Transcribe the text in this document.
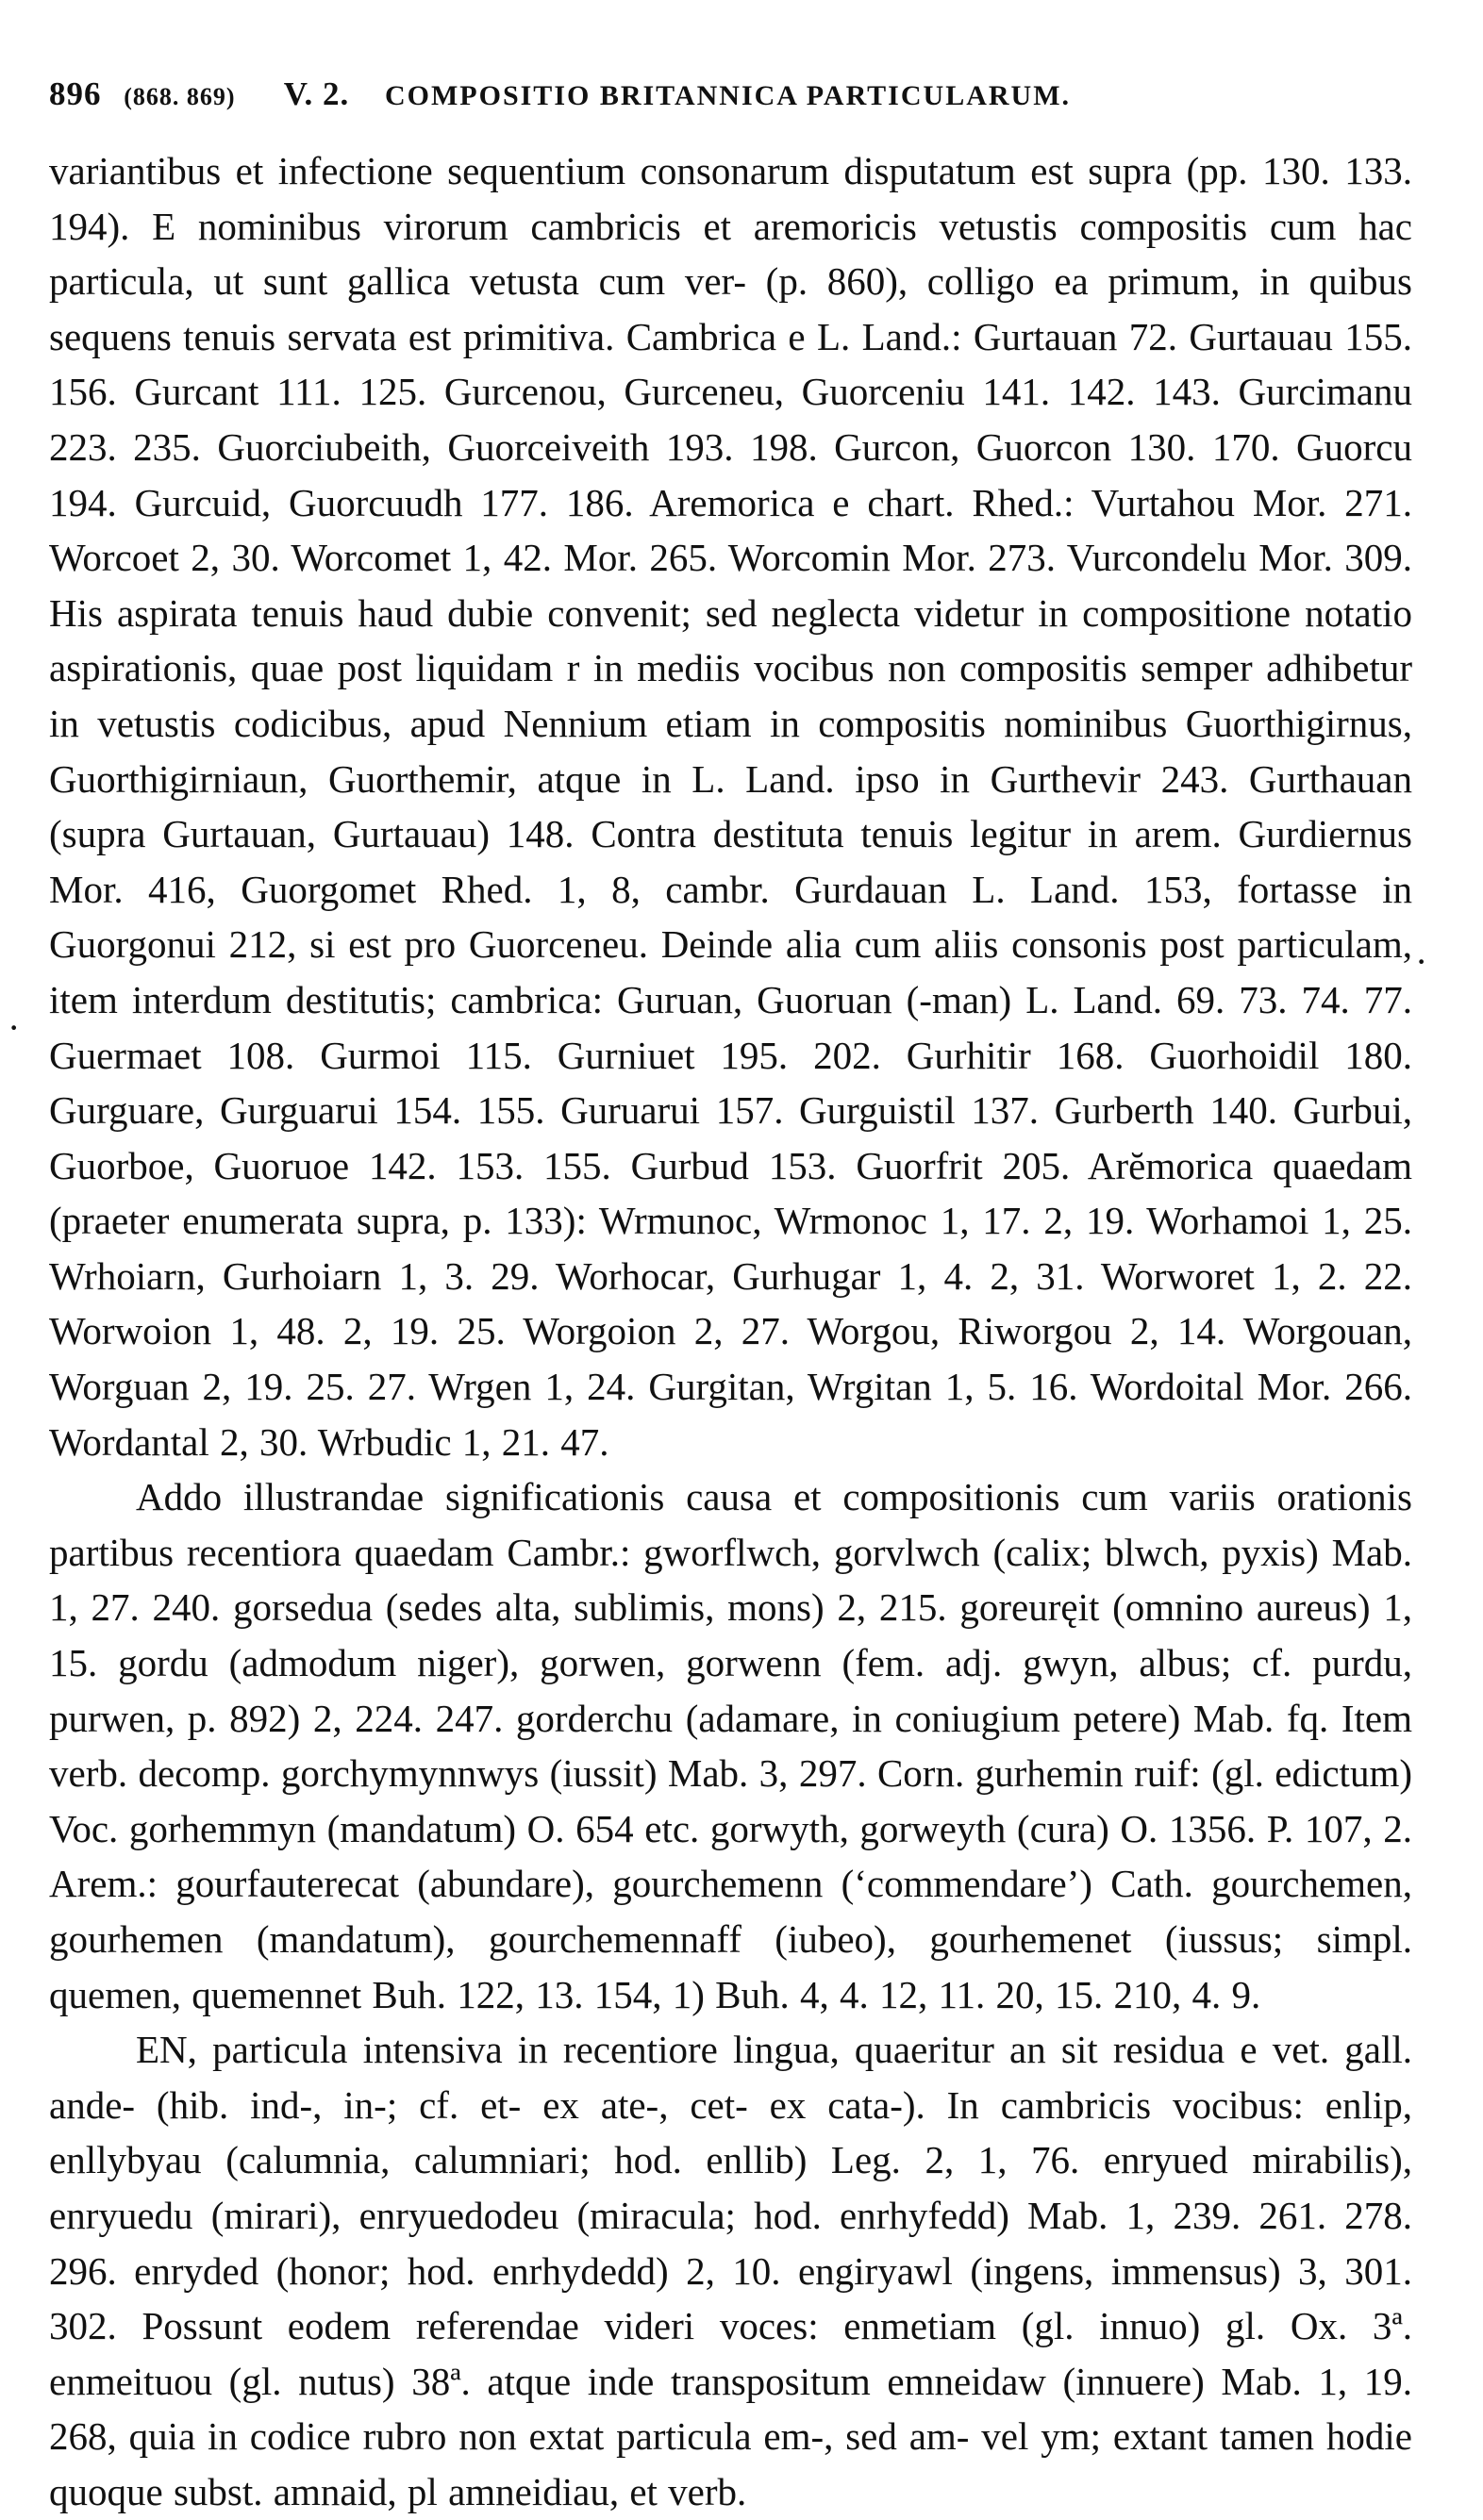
896 (868. 869) V. 2. COMPOSITIO BRITANNICA PARTICULARUM.

variantibus et infectione sequentium consonarum disputatum est supra (pp. 130. 133. 194). E nominibus virorum cambricis et aremoricis vetustis compositis cum hac particula, ut sunt gallica vetusta cum ver- (p. 860), colligo ea primum, in quibus sequens tenuis servata est primitiva. Cambrica e L. Land.: Gurtauan 72. Gurtauau 155. 156. Gurcant 111. 125. Gurcenou, Gurceneu, Guorceniu 141. 142. 143. Gurcimanu 223. 235. Guorciubeith, Guorceiveith 193. 198. Gurcon, Guorcon 130. 170. Guorcu 194. Gurcuid, Guorcuudh 177. 186. Aremorica e chart. Rhed.: Vurtahou Mor. 271. Worcoet 2, 30. Worcomet 1, 42. Mor. 265. Worcomin Mor. 273. Vurcondelu Mor. 309. His aspirata tenuis haud dubie convenit; sed neglecta videtur in compositione notatio aspirationis, quae post liquidam r in mediis vocibus non compositis semper adhibetur in vetustis codicibus, apud Nennium etiam in compositis nominibus Guorthigirnus, Guorthigirniaun, Guorthemir, atque in L. Land. ipso in Gurthevir 243. Gurthauan (supra Gurtauan, Gurtauau) 148. Contra destituta tenuis legitur in arem. Gurdiernus Mor. 416, Guorgomet Rhed. 1, 8, cambr. Gurdauan L. Land. 153, fortasse in Guorgonui 212, si est pro Guorceneu. Deinde alia cum aliis consonis post particulam, item interdum destitutis; cambrica: Guruan, Guoruan (-man) L. Land. 69. 73. 74. 77. Guermaet 108. Gurmoi 115. Gurniuet 195. 202. Gurhitir 168. Guorhoidil 180. Gurguare, Gurguarui 154. 155. Guruarui 157. Gurguistil 137. Gurberth 140. Gurbui, Guorboe, Guoruoe 142. 153. 155. Gurbud 153. Guorfrit 205. Arĕmorica quaedam (praeter enumerata supra, p. 133): Wrmunoc, Wrmonoc 1, 17. 2, 19. Worhamoi 1, 25. Wrhoiarn, Gurhoiarn 1, 3. 29. Worhocar, Gurhugar 1, 4. 2, 31. Worworet 1, 2. 22. Worwoion 1, 48. 2, 19. 25. Worgoion 2, 27. Worgou, Riworgou 2, 14. Worgouan, Worguan 2, 19. 25. 27. Wrgen 1, 24. Gurgitan, Wrgitan 1, 5. 16. Wordoital Mor. 266. Wordantal 2, 30. Wrbudic 1, 21. 47.

Addo illustrandae significationis causa et compositionis cum variis orationis partibus recentiora quaedam Cambr.: gworflwch, gorvlwch (calix; blwch, pyxis) Mab. 1, 27. 240. gorsedua (sedes alta, sublimis, mons) 2, 215. goreuręit (omnino aureus) 1, 15. gordu (admodum niger), gorwen, gorwenn (fem. adj. gwyn, albus; cf. purdu, purwen, p. 892) 2, 224. 247. gorderchu (adamare, in coniugium petere) Mab. fq. Item verb. decomp. gorchymynnwys (iussit) Mab. 3, 297. Corn. gurhemin ruif: (gl. edictum) Voc. gorhemmyn (mandatum) O. 654 etc. gorwyth, gorweyth (cura) O. 1356. P. 107, 2. Arem.: gourfauterecat (abundare), gourchemenn (‘commendare’) Cath. gourchemen, gourhemen (mandatum), gourchemennaff (iubeo), gourhemenet (iussus; simpl. quemen, quemennet Buh. 122, 13. 154, 1) Buh. 4, 4. 12, 11. 20, 15. 210, 4. 9.

EN, particula intensiva in recentiore lingua, quaeritur an sit residua e vet. gall. ande- (hib. ind-, in-; cf. et- ex ate-, cet- ex cata-). In cambricis vocibus: enlip, enllybyau (calumnia, calumniari; hod. enllib) Leg. 2, 1, 76. enryued mirabilis), enryuedu (mirari), enryuedodeu (miracula; hod. enrhyfedd) Mab. 1, 239. 261. 278. 296. enryded (honor; hod. enrhydedd) 2, 10. engiryawl (ingens, immensus) 3, 301. 302. Possunt eodem referendae videri voces: enmetiam (gl. innuo) gl. Ox. 3ª. enmeituou (gl. nutus) 38ª. atque inde transpositum emneidaw (innuere) Mab. 1, 19. 268, quia in codice rubro non extat particula em-, sed am- vel ym; extant tamen hodie quoque subst. amnaid, pl amneidiau, et verb.

·
·
